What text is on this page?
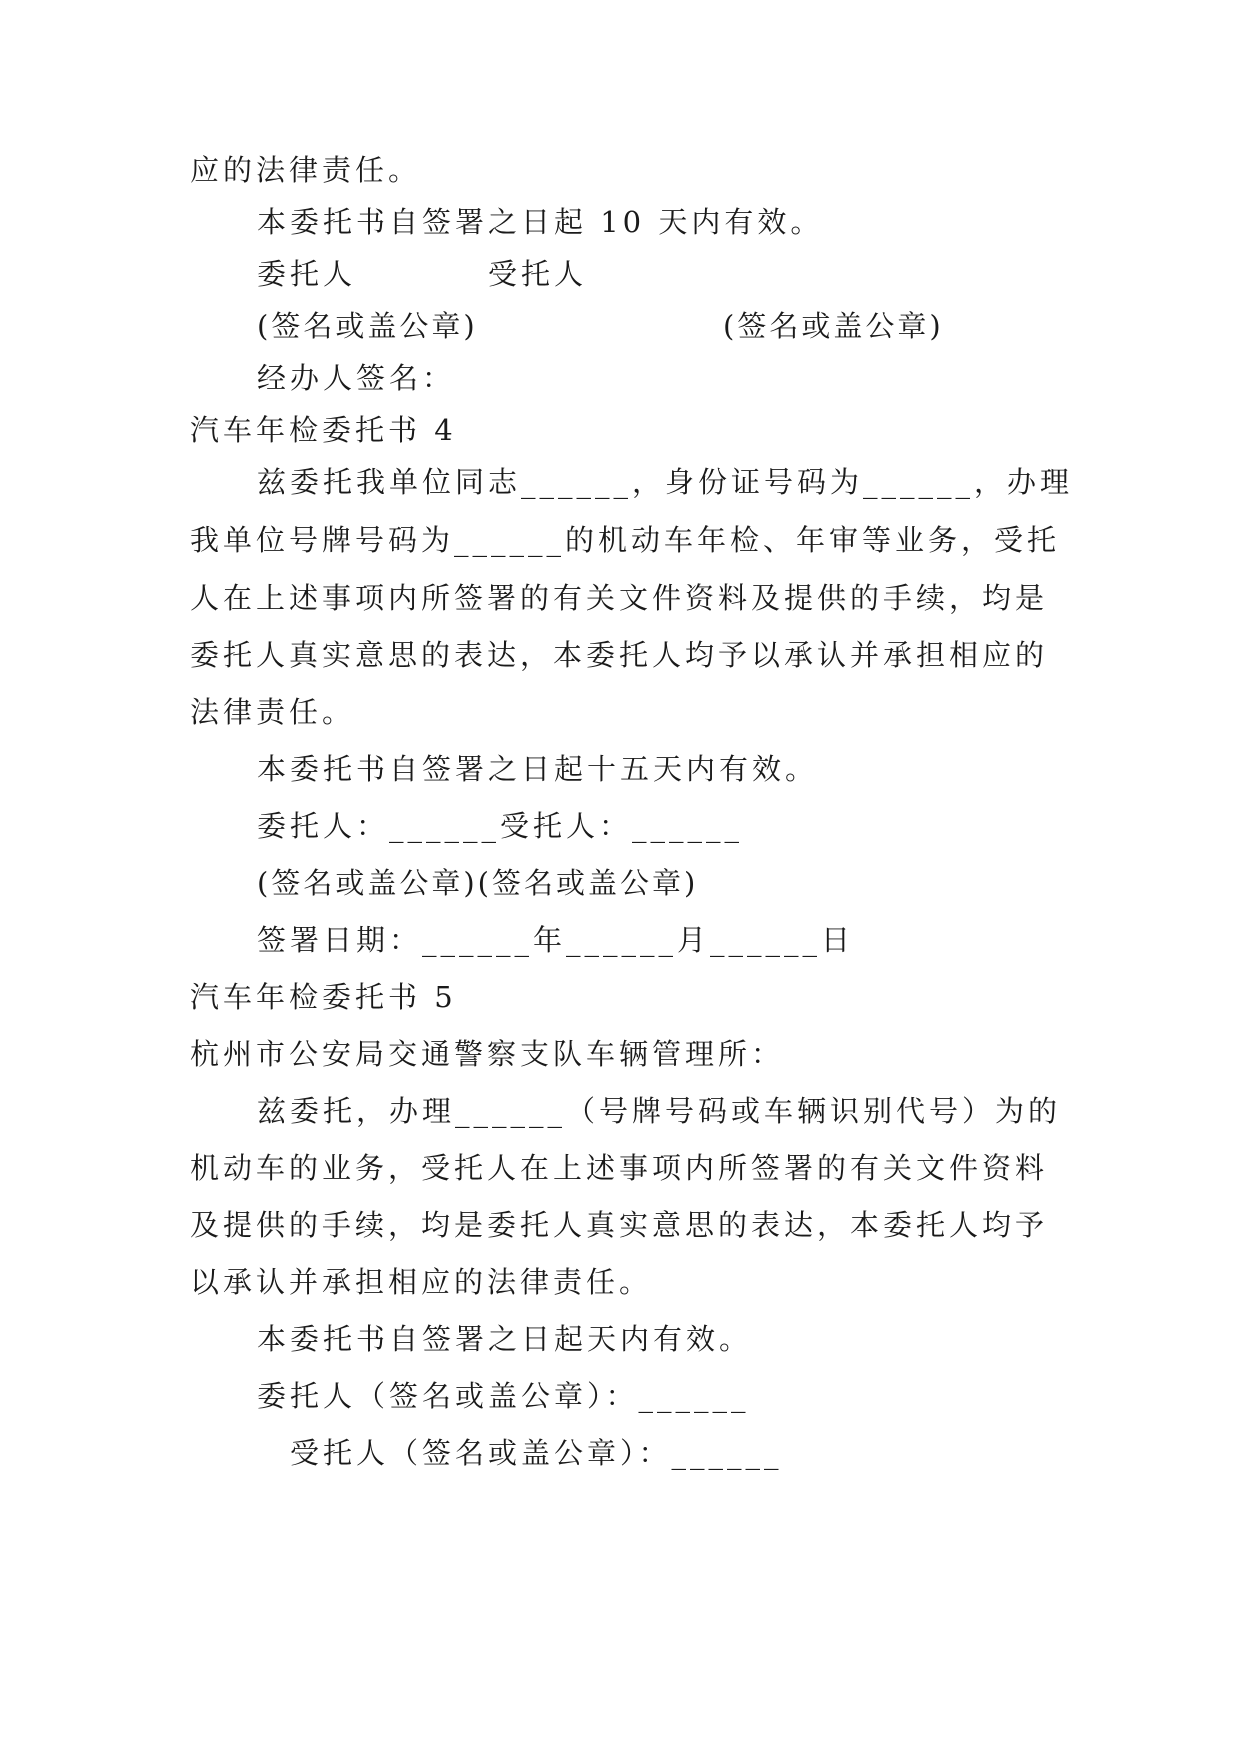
应的法律责任。
本委托书自签署之日起 10 天内有效。
委托人	受托人
(签名或盖公章)	(签名或盖公章)
经办人签名：
汽车年检委托书 4
兹委托我单位同志______，身份证号码为______，办理
我单位号牌号码为______的机动车年检、年审等业务，受托
人在上述事项内所签署的有关文件资料及提供的手续，均是
委托人真实意思的表达，本委托人均予以承认并承担相应的
法律责任。
本委托书自签署之日起十五天内有效。
委托人：______受托人：______
(签名或盖公章)(签名或盖公章)
签署日期：______年______月______日
汽车年检委托书 5
杭州市公安局交通警察支队车辆管理所：
兹委托，办理______（号牌号码或车辆识别代号）为的
机动车的业务，受托人在上述事项内所签署的有关文件资料
及提供的手续，均是委托人真实意思的表达，本委托人均予
以承认并承担相应的法律责任。
本委托书自签署之日起天内有效。
委托人（签名或盖公章）：______
受托人（签名或盖公章）：______
